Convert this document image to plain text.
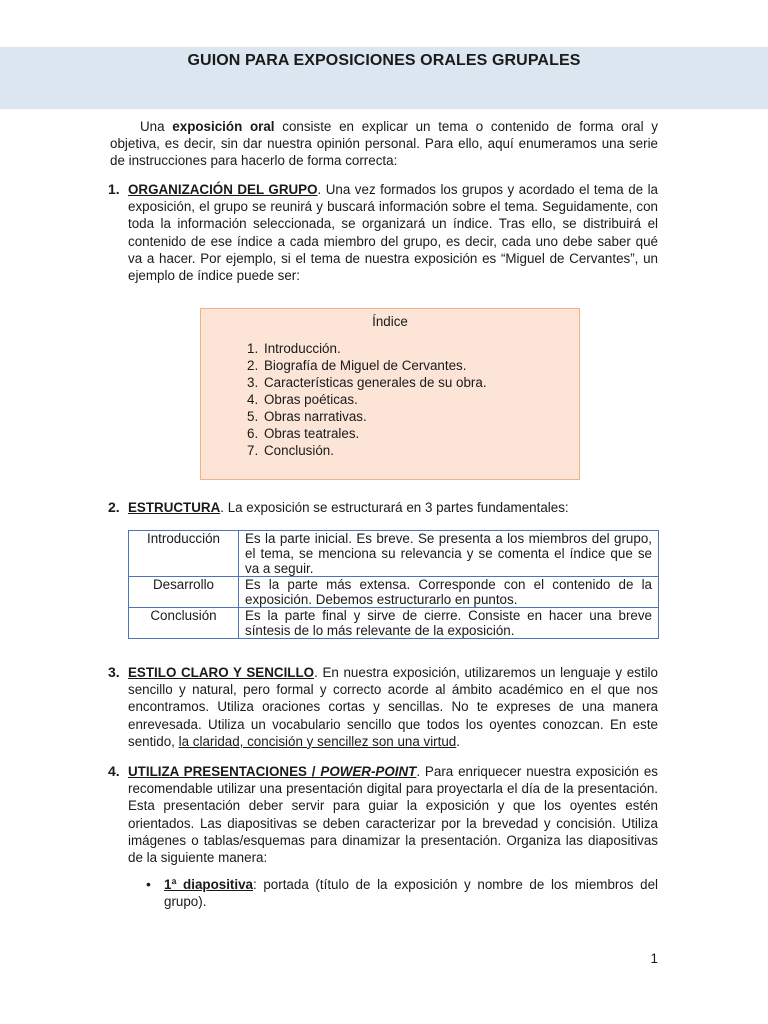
GUION PARA EXPOSICIONES ORALES GRUPALES

Una exposición oral consiste en explicar un tema o contenido de forma oral y objetiva, es decir, sin dar nuestra opinión personal. Para ello, aquí enumeramos una serie de instrucciones para hacerlo de forma correcta:

1. ORGANIZACIÓN DEL GRUPO. Una vez formados los grupos y acordado el tema de la exposición, el grupo se reunirá y buscará información sobre el tema. Seguidamente, con toda la información seleccionada, se organizará un índice. Tras ello, se distribuirá el contenido de ese índice a cada miembro del grupo, es decir, cada uno debe saber qué va a hacer. Por ejemplo, si el tema de nuestra exposición es “Miguel de Cervantes”, un ejemplo de índice puede ser:
Índice
1. Introducción.
2. Biografía de Miguel de Cervantes.
3. Características generales de su obra.
4. Obras poéticas.
5. Obras narrativas.
6. Obras teatrales.
7. Conclusión.
2. ESTRUCTURA. La exposición se estructurará en 3 partes fundamentales:
Introducción	Es la parte inicial. Es breve. Se presenta a los miembros del grupo, el tema, se menciona su relevancia y se comenta el índice que se va a seguir.
Desarrollo	Es la parte más extensa. Corresponde con el contenido de la exposición. Debemos estructurarlo en puntos.
Conclusión	Es la parte final y sirve de cierre. Consiste en hacer una breve síntesis de lo más relevante de la exposición.
3. ESTILO CLARO Y SENCILLO. En nuestra exposición, utilizaremos un lenguaje y estilo sencillo y natural, pero formal y correcto acorde al ámbito académico en el que nos encontramos. Utiliza oraciones cortas y sencillas. No te expreses de una manera enrevesada. Utiliza un vocabulario sencillo que todos los oyentes conozcan. En este sentido, la claridad, concisión y sencillez son una virtud.
4. UTILIZA PRESENTACIONES / POWER-POINT. Para enriquecer nuestra exposición es recomendable utilizar una presentación digital para proyectarla el día de la presentación. Esta presentación deber servir para guiar la exposición y que los oyentes estén orientados. Las diapositivas se deben caracterizar por la brevedad y concisión. Utiliza imágenes o tablas/esquemas para dinamizar la presentación. Organiza las diapositivas de la siguiente manera:
• 1ª diapositiva: portada (título de la exposición y nombre de los miembros del grupo).
1
